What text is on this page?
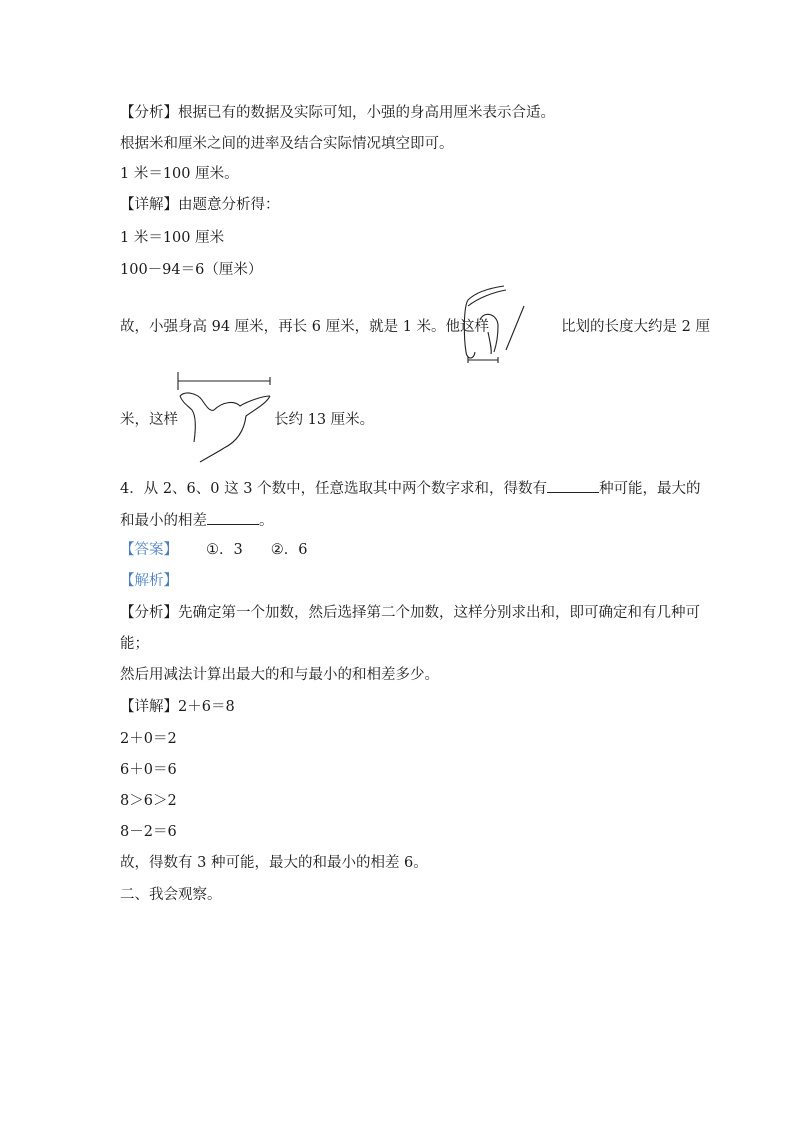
【分析】根据已有的数据及实际可知，小强的身高用厘米表示合适。
根据米和厘米之间的进率及结合实际情况填空即可。
1 米＝100 厘米。
【详解】由题意分析得：
1 米＝100 厘米
100－94＝6（厘米）
故，小强身高 94 厘米，再长 6 厘米，就是 1 米。他这样	比划的长度大约是 2 厘
米，这样	长约 13 厘米。
4．从 2、6、0 这 3 个数中，任意选取其中两个数字求和，得数有	种可能，最大的
和最小的相差	。
【答案】 ①．3 ②．6
【解析】
【分析】先确定第一个加数，然后选择第二个加数，这样分别求出和，即可确定和有几种可
能；
然后用减法计算出最大的和与最小的和相差多少。
【详解】2＋6＝8
2＋0＝2
6＋0＝6
8＞6＞2
8－2＝6
故，得数有 3 种可能，最大的和最小的相差 6。
二、我会观察。
